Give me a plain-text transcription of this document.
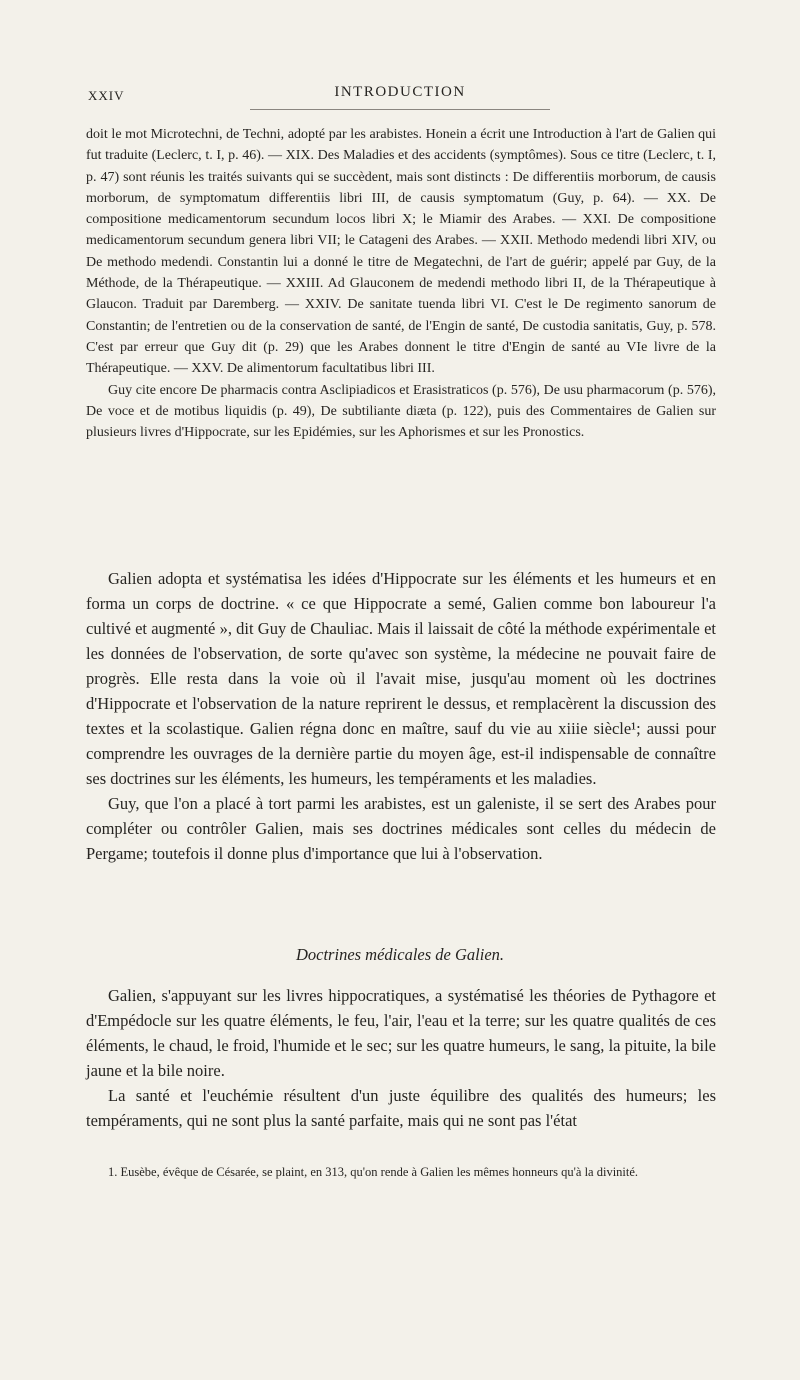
XXIV	INTRODUCTION

doit le mot Microtechni, de Techni, adopté par les arabistes. Honein a écrit une Introduction à l'art de Galien qui fut traduite (Leclerc, t. I, p. 46). — XIX. Des Maladies et des accidents (symptômes). Sous ce titre (Leclerc, t. I, p. 47) sont réunis les traités suivants qui se succèdent, mais sont distincts : De differentiis morborum, de causis morborum, de symptomatum differentiis libri III, de causis symptomatum (Guy, p. 64). — XX. De compositione medicamentorum secundum locos libri X; le Miamir des Arabes. — XXI. De compositione medicamentorum secundum genera libri VII; le Catageni des Arabes. — XXII. Methodo medendi libri XIV, ou De methodo medendi. Constantin lui a donné le titre de Megatechni, de l'art de guérir; appelé par Guy, de la Méthode, de la Thérapeutique. — XXIII. Ad Glauconem de medendi methodo libri II, de la Thérapeutique à Glaucon. Traduit par Daremberg. — XXIV. De sanitate tuenda libri VI. C'est le De regimento sanorum de Constantin; de l'entretien ou de la conservation de santé, de l'Engin de santé, De custodia sanitatis, Guy, p. 578. C'est par erreur que Guy dit (p. 29) que les Arabes donnent le titre d'Engin de santé au VIe livre de la Thérapeutique. — XXV. De alimentorum facultatibus libri III.

Guy cite encore De pharmacis contra Asclipiadicos et Erasistraticos (p. 576), De usu pharmacorum (p. 576), De voce et de motibus liquidis (p. 49), De subtiliante diæta (p. 122), puis des Commentaires de Galien sur plusieurs livres d'Hippocrate, sur les Epidémies, sur les Aphorismes et sur les Pronostics.

Galien adopta et systématisa les idées d'Hippocrate sur les éléments et les humeurs et en forma un corps de doctrine. « ce que Hippocrate a semé, Galien comme bon laboureur l'a cultivé et augmenté », dit Guy de Chauliac. Mais il laissait de côté la méthode expérimentale et les données de l'observation, de sorte qu'avec son système, la médecine ne pouvait faire de progrès. Elle resta dans la voie où il l'avait mise, jusqu'au moment où les doctrines d'Hippocrate et l'observation de la nature reprirent le dessus, et remplacèrent la discussion des textes et la scolastique. Galien régna donc en maître, sauf du vie au xiiie siècle¹; aussi pour comprendre les ouvrages de la dernière partie du moyen âge, est-il indispensable de connaître ses doctrines sur les éléments, les humeurs, les tempéraments et les maladies.

Guy, que l'on a placé à tort parmi les arabistes, est un galeniste, il se sert des Arabes pour compléter ou contrôler Galien, mais ses doctrines médicales sont celles du médecin de Pergame; toutefois il donne plus d'importance que lui à l'observation.

Doctrines médicales de Galien.

Galien, s'appuyant sur les livres hippocratiques, a systématisé les théories de Pythagore et d'Empédocle sur les quatre éléments, le feu, l'air, l'eau et la terre; sur les quatre qualités de ces éléments, le chaud, le froid, l'humide et le sec; sur les quatre humeurs, le sang, la pituite, la bile jaune et la bile noire.

La santé et l'euchémie résultent d'un juste équilibre des qualités des humeurs; les tempéraments, qui ne sont plus la santé parfaite, mais qui ne sont pas l'état

1. Eusèbe, évêque de Césarée, se plaint, en 313, qu'on rende à Galien les mêmes honneurs qu'à la divinité.
